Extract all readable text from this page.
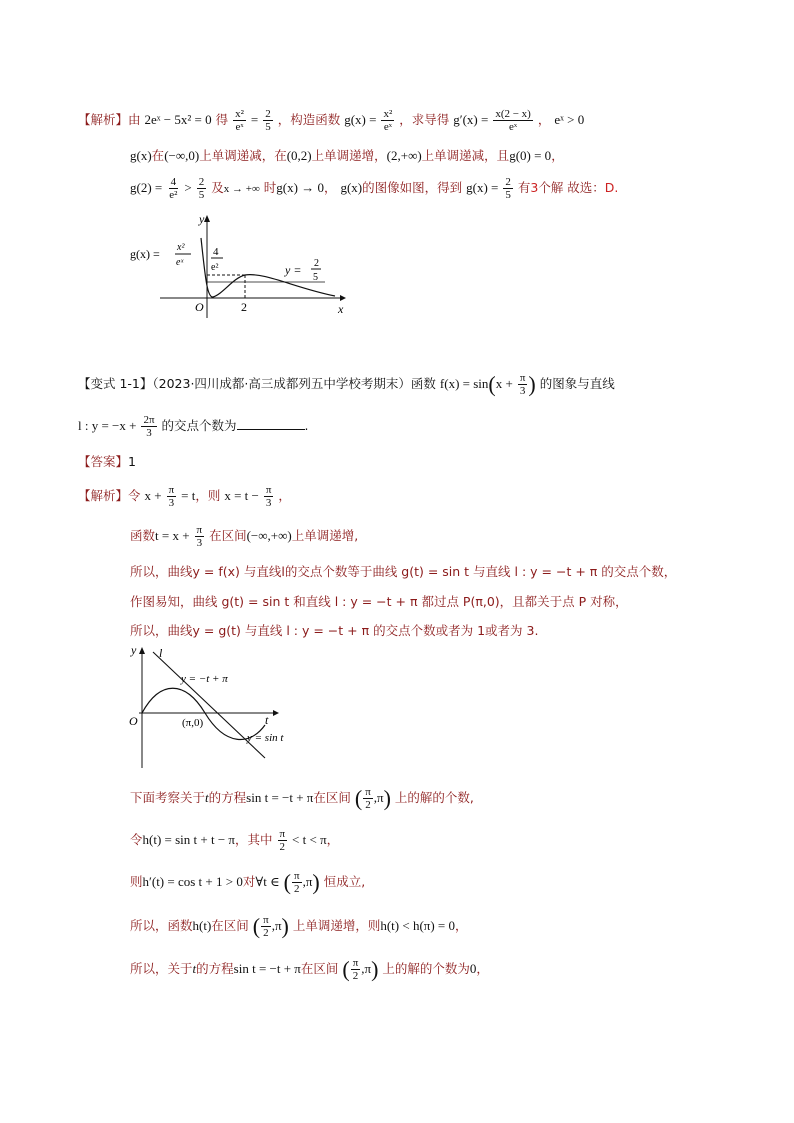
【解析】由 2eˣ − 5x² = 0 得 $\frac{\text{x²}}{\text{eˣ}} = \frac{2}{5}$ ，构造函数 $g(x) = \frac{\text{x²}}{\text{eˣ}}$ ，求导得 $g'(x) = \frac{x(2 - x)}{\text{eˣ}}$ ， eˣ > 0
g(x)在(−∞,0)上单调递减，在(0,2)上单调递增，(2,+∞)上单调递减，且g(0) = 0，
$g(2) = \frac{4}{\text{e²}} > \frac{2}{5}$ 及x → +∞ 时g(x) → 0， g(x)的图像如图，得到 $g(x) = \frac{2}{5}$ 有3个解 故选：D.
y
x
O	2
g(x) = x²
eˣ
4
e²	y = 2
5
【变式 1-1】（2023·四川成都·高三成都列五中学校考期末）函数 $f(x) = \sin(x + \frac{\pi}{3}$ ) 的图象与直线
l : $y = -x + \frac{2\pi}{3}$ 的交点个数为	.
【答案】1
【解析】令 $x + \frac{\pi}{3} = t$，则 $x = t - \frac{\pi}{3}$ ，
函数$t = x + \frac{\pi}{3}$ 在区间(−∞,+∞)上单调递增,
所以，曲线y = f(x) 与直线l的交点个数等于曲线 g(t) = sin t 与直线 l : y = −t + π 的交点个数，
作图易知，曲线 g(t) = sin t 和直线 l : y = −t + π 都过点 P(π,0)，且都关于点 P 对称，
所以，曲线y = g(t) 与直线 l : y = −t + π 的交点个数或者为 1或者为 3.
y
t
O
l
y = −t + π
(π,0)
y = sin t
下面考察关于t的方程sin t = −t + π在区间 ( $\frac{\pi}{2} ,\pi$) 上的解的个数,
令h(t) = sin t + t − π，其中 $\frac{\pi}{2} < t < \pi$，
则h′(t) = cos t + 1 > 0对∀t ∈ ( $\frac{\pi}{2} ,\pi$) 恒成立,
所以，函数h(t)在区间 ( $\frac{\pi}{2} ,\pi$) 上单调递增，则h(t) < h(π) = 0，
所以，关于t的方程sin t = −t + π在区间 ( $\frac{\pi}{2} ,\pi$) 上的解的个数为0，
